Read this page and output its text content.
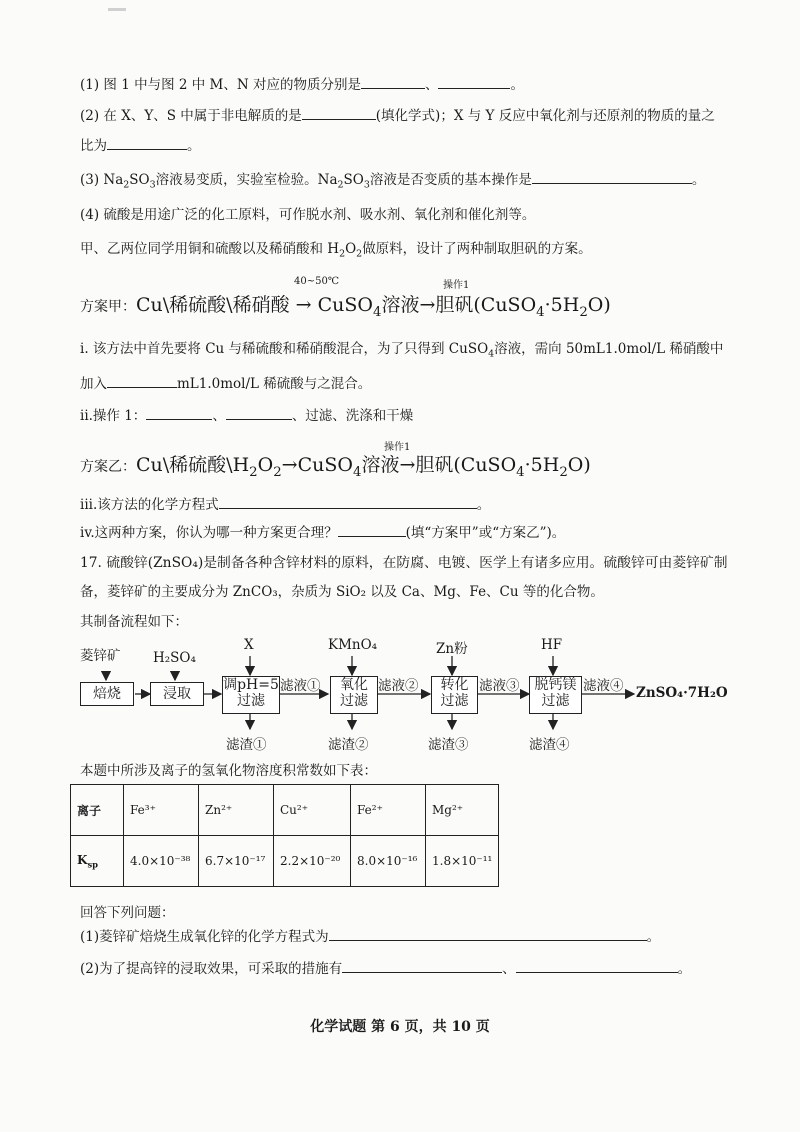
(1) 图 1 中与图 2 中 M、N 对应的物质分别是	、	。
(2) 在 X、Y、S 中属于非电解质的是	(填化学式)；X 与 Y 反应中氧化剂与还原剂的物质的量之
比为	。
(3) $Na_2SO_3$溶液易变质，实验室检验。$Na_2SO_3$溶液是否变质的基本操作是	。
(4) 硫酸是用途广泛的化工原料，可作脱水剂、吸水剂、氧化剂和催化剂等。
甲、乙两位同学用铜和硫酸以及稀硝酸和 $H_2O_2$做原料，设计了两种制取胆矾的方案。
40~50℃	操作1
方案甲：Cu\稀硫酸\稀硝酸 → CuSO$_4$溶液→胆矾$(CuSO_4\cdot 5H_2O)$
i. 该方法中首先要将 Cu 与稀硫酸和稀硝酸混合，为了只得到 CuSO$_4$溶液，需向 50mL1.0mol/L 稀硝酸中
加入	mL1.0mol/L 稀硫酸与之混合。
ii.操作 1：	、	、过滤、洗涤和干燥
操作1
方案乙：Cu\稀硫酸$\backslash H_2O_2\to CuSO_4$溶液→胆矾$(CuSO_4\cdot 5H_2O)$
iii.该方法的化学方程式	。
iv.这两种方案，你认为哪一种方案更合理？	(填“方案甲”或“方案乙”)。
17. 硫酸锌(ZnSO₄)是制备各种含锌材料的原料，在防腐、电镀、医学上有诸多应用。硫酸锌可由菱锌矿制
备，菱锌矿的主要成分为 ZnCO₃，杂质为 SiO₂ 以及 Ca、Mg、Fe、Cu 等的化合物。
其制备流程如下：
菱锌矿 H₂SO₄
X	KMnO₄	Zn粉	HF
焙烧	浸取
调pH=5
过滤
氧化
过滤
转化
过滤
脱钙镁
过滤
滤液①	滤液②	滤液③	滤液④ ZnSO₄·7H₂O
滤渣①	滤渣②	滤渣③	滤渣④
本题中所涉及离子的氢氧化物溶度积常数如下表：
离子	Fe³⁺	Zn²⁺	Cu²⁺	Fe²⁺	Mg²⁺
$K_{sp}$	4.0×10⁻³⁸	6.7×10⁻¹⁷	2.2×10⁻²⁰	8.0×10⁻¹⁶	1.8×10⁻¹¹
回答下列问题：
(1)菱锌矿焙烧生成氧化锌的化学方程式为	。
(2)为了提高锌的浸取效果，可采取的措施有	、	。
化学试题 第 6 页，共 10 页
